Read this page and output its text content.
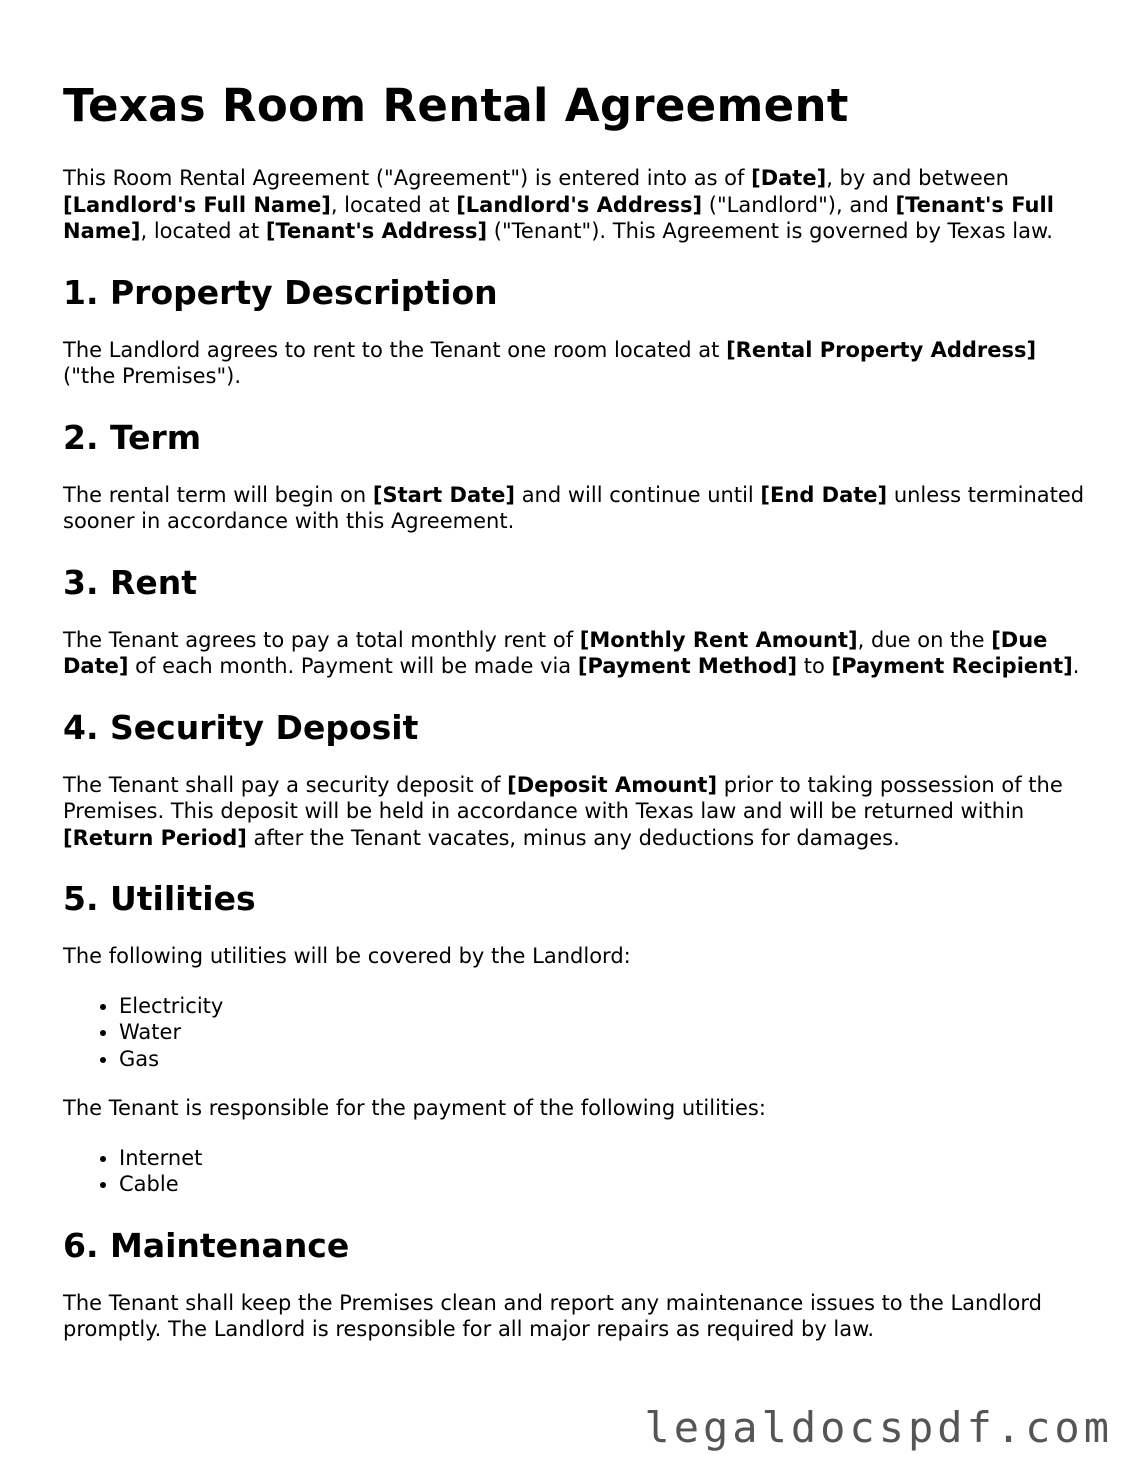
Texas Room Rental Agreement

This Room Rental Agreement ("Agreement") is entered into as of [Date], by and between [Landlord's Full Name], located at [Landlord's Address] ("Landlord"), and [Tenant's Full Name], located at [Tenant's Address] ("Tenant"). This Agreement is governed by Texas law.

1. Property Description

The Landlord agrees to rent to the Tenant one room located at [Rental Property Address] ("the Premises").

2. Term

The rental term will begin on [Start Date] and will continue until [End Date] unless terminated sooner in accordance with this Agreement.

3. Rent

The Tenant agrees to pay a total monthly rent of [Monthly Rent Amount], due on the [Due Date] of each month. Payment will be made via [Payment Method] to [Payment Recipient].

4. Security Deposit

The Tenant shall pay a security deposit of [Deposit Amount] prior to taking possession of the Premises. This deposit will be held in accordance with Texas law and will be returned within [Return Period] after the Tenant vacates, minus any deductions for damages.

5. Utilities

The following utilities will be covered by the Landlord:

• Electricity
• Water
• Gas

The Tenant is responsible for the payment of the following utilities:

• Internet
• Cable
6. Maintenance

The Tenant shall keep the Premises clean and report any maintenance issues to the Landlord promptly. The Landlord is responsible for all major repairs as required by law.

legaldocspdf.com
